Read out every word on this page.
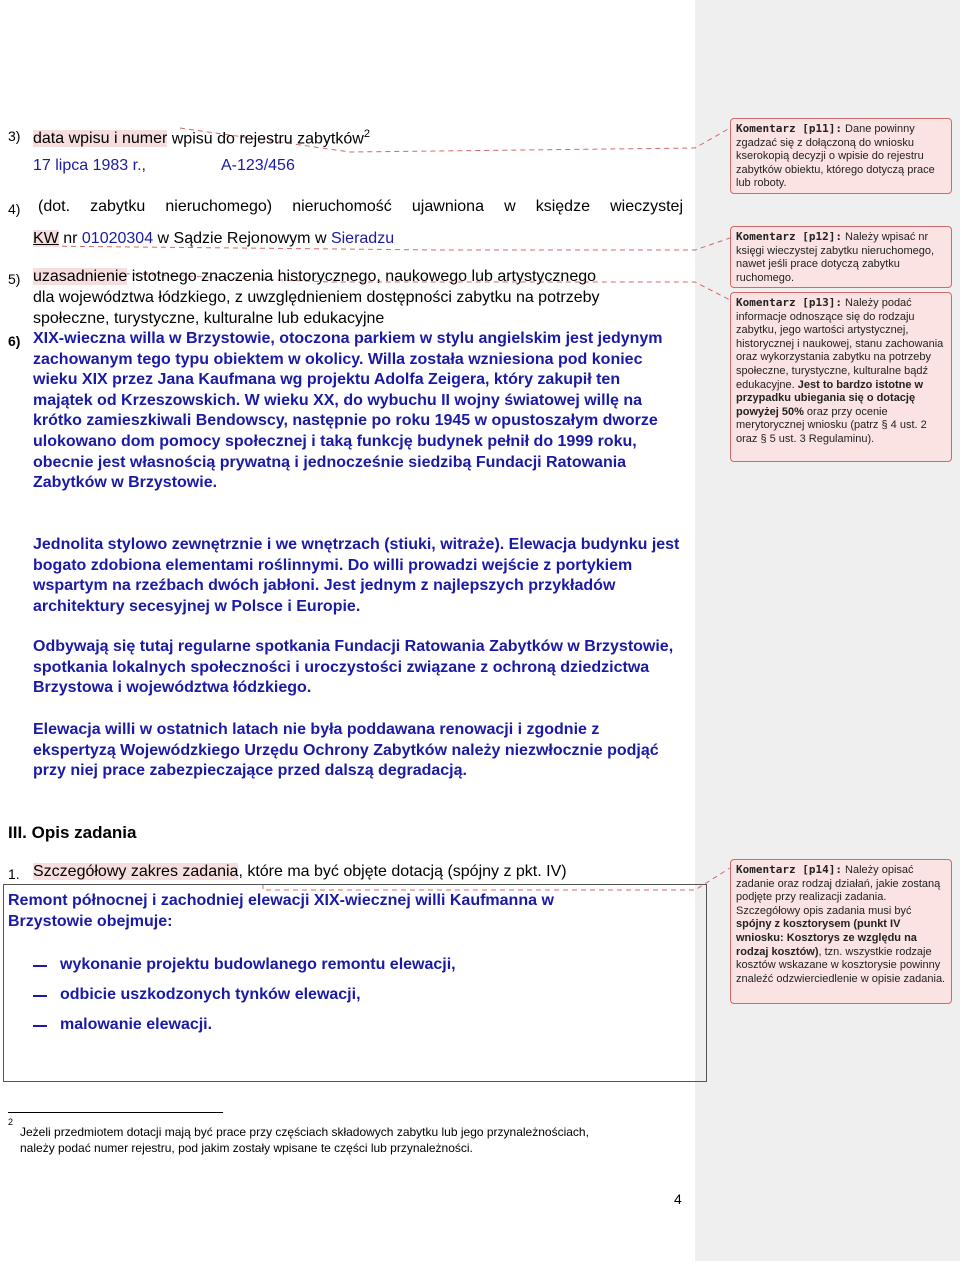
3) data wpisu i numer wpisu do rejestru zabytków$^2$
17 lipca 1983 r.,	A-123/456
4) (dot. zabytku nieruchomego) nieruchomość ujawniona w księdze wieczystej
KW nr 01020304 w Sądzie Rejonowym w Sieradzu
5) uzasadnienie istotnego znaczenia historycznego, naukowego lub artystycznego
dla województwa łódzkiego, z uwzględnieniem dostępności zabytku na potrzeby
społeczne, turystyczne, kulturalne lub edukacyjne
6) XIX-wieczna willa w Brzystowie, otoczona parkiem w stylu angielskim jest jedynym zachowanym tego typu obiektem w okolicy. Willa została wzniesiona pod koniec wieku XIX przez Jana Kaufmana wg projektu Adolfa Zeigera, który zakupił ten majątek od Krzeszowskich. W wieku XX, do wybuchu II wojny światowej willę na krótko zamieszkiwali Bendowscy, następnie po roku 1945 w opustoszałym dworze ulokowano dom pomocy społecznej i taką funkcję budynek pełnił do 1999 roku, obecnie jest własnością prywatną i jednocześnie siedzibą Fundacji Ratowania Zabytków w Brzystowie.
Jednolita stylowo zewnętrznie i we wnętrzach (stiuki, witraże). Elewacja budynku jest bogato zdobiona elementami roślinnymi. Do willi prowadzi wejście z portykiem wspartym na rzeźbach dwóch jabłoni. Jest jednym z najlepszych przykładów architektury secesyjnej w Polsce i Europie.
Odbywają się tutaj regularne spotkania Fundacji Ratowania Zabytków w Brzystowie, spotkania lokalnych społeczności i uroczystości związane z ochroną dziedzictwa Brzystowa i województwa łódzkiego.
Elewacja willi w ostatnich latach nie była poddawana renowacji i zgodnie z ekspertyzą Wojewódzkiego Urzędu Ochrony Zabytków należy niezwłocznie podjąć przy niej prace zabezpieczające przed dalszą degradacją.
III. Opis zadania
1. Szczegółowy zakres zadania, które ma być objęte dotacją (spójny z pkt. IV)
Remont północnej i zachodniej elewacji XIX-wiecznej willi Kaufmanna w Brzystowie obejmuje:
wykonanie projektu budowlanego remontu elewacji,
odbicie uszkodzonych tynków elewacji,
malowanie elewacji.
2
Jeżeli przedmiotem dotacji mają być prace przy częściach składowych zabytku lub jego przynależnościach,
należy podać numer rejestru, pod jakim zostały wpisane te części lub przynależności.
4
Komentarz [p11]: Dane powinny zgadzać się z dołączoną do wniosku kserokopią decyzji o wpisie do rejestru zabytków obiektu, którego dotyczą prace lub roboty.
Komentarz [p12]: Należy wpisać nr księgi wieczystej zabytku nieruchomego, nawet jeśli prace dotyczą zabytku ruchomego.
Komentarz [p13]: Należy podać informacje odnoszące się do rodzaju zabytku, jego wartości artystycznej, historycznej i naukowej, stanu zachowania oraz wykorzystania zabytku na potrzeby społeczne, turystyczne, kulturalne bądź edukacyjne. Jest to bardzo istotne w przypadku ubiegania się o dotację powyżej 50% oraz przy ocenie merytorycznej wniosku (patrz § 4 ust. 2 oraz § 5 ust. 3 Regulaminu).
Komentarz [p14]: Należy opisać zadanie oraz rodzaj działań, jakie zostaną podjęte przy realizacji zadania. Szczegółowy opis zadania musi być spójny z kosztorysem (punkt IV wniosku: Kosztorys ze względu na rodzaj kosztów), tzn. wszystkie rodzaje kosztów wskazane w kosztorysie powinny znaleźć odzwierciedlenie w opisie zadania.
